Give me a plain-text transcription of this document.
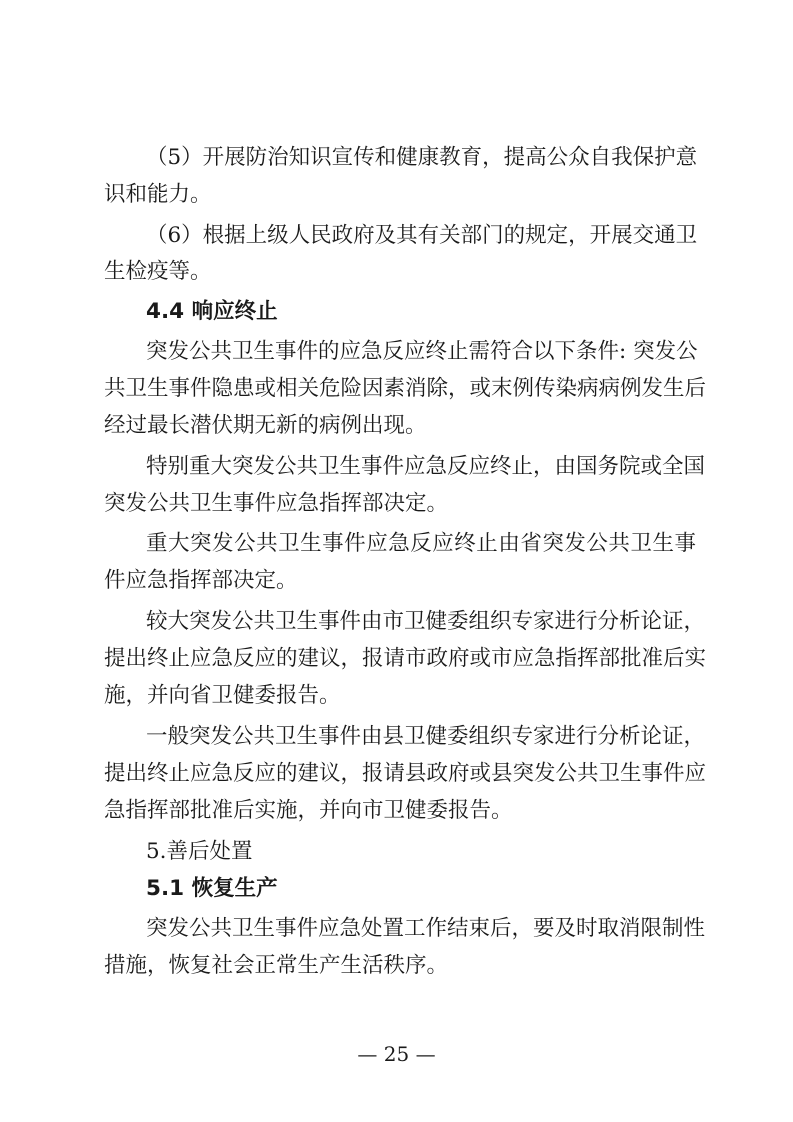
（5）开展防治知识宣传和健康教育，提高公众自我保护意
识和能力。
（6）根据上级人民政府及其有关部门的规定，开展交通卫
生检疫等。
4.4 响应终止
突发公共卫生事件的应急反应终止需符合以下条件: 突发公
共卫生事件隐患或相关危险因素消除，或末例传染病病例发生后
经过最长潜伏期无新的病例出现。
特别重大突发公共卫生事件应急反应终止，由国务院或全国
突发公共卫生事件应急指挥部决定。
重大突发公共卫生事件应急反应终止由省突发公共卫生事
件应急指挥部决定。
较大突发公共卫生事件由市卫健委组织专家进行分析论证，
提出终止应急反应的建议，报请市政府或市应急指挥部批准后实
施，并向省卫健委报告。
一般突发公共卫生事件由县卫健委组织专家进行分析论证，
提出终止应急反应的建议，报请县政府或县突发公共卫生事件应
急指挥部批准后实施，并向市卫健委报告。
5.善后处置
5.1 恢复生产
突发公共卫生事件应急处置工作结束后，要及时取消限制性
措施，恢复社会正常生产生活秩序。
— 25 —
